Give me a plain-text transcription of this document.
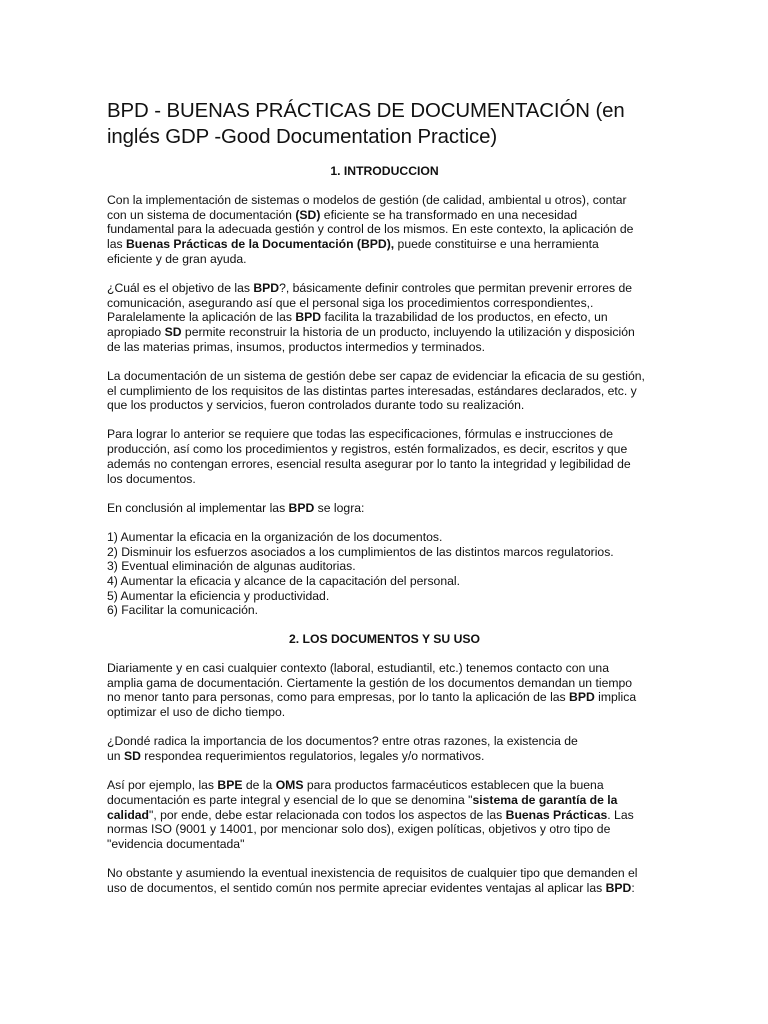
BPD - BUENAS PRÁCTICAS DE DOCUMENTACIÓN (en
inglés GDP -Good Documentation Practice)
1. INTRODUCCION
Con la implementación de sistemas o modelos de gestión (de calidad, ambiental u otros), contar
con un sistema de documentación (SD) eficiente se ha transformado en una necesidad
fundamental para la adecuada gestión y control de los mismos. En este contexto, la aplicación de
las Buenas Prácticas de la Documentación (BPD), puede constituirse e una herramienta
eficiente y de gran ayuda.
¿Cuál es el objetivo de las BPD?, básicamente definir controles que permitan prevenir errores de
comunicación, asegurando así que el personal siga los procedimientos correspondientes,.
Paralelamente la aplicación de las BPD facilita la trazabilidad de los productos, en efecto, un
apropiado SD permite reconstruir la historia de un producto, incluyendo la utilización y disposición
de las materias primas, insumos, productos intermedios y terminados.
La documentación de un sistema de gestión debe ser capaz de evidenciar la eficacia de su gestión,
el cumplimiento de los requisitos de las distintas partes interesadas, estándares declarados, etc. y
que los productos y servicios, fueron controlados durante todo su realización.
Para lograr lo anterior se requiere que todas las especificaciones, fórmulas e instrucciones de
producción, así como los procedimientos y registros, estén formalizados, es decir, escritos y que
además no contengan errores, esencial resulta asegurar por lo tanto la integridad y legibilidad de
los documentos.
En conclusión al implementar las BPD se logra:
1) Aumentar la eficacia en la organización de los documentos.
2) Disminuir los esfuerzos asociados a los cumplimientos de las distintos marcos regulatorios.
3) Eventual eliminación de algunas auditorias.
4) Aumentar la eficacia y alcance de la capacitación del personal.
5) Aumentar la eficiencia y productividad.
6) Facilitar la comunicación.
2. LOS DOCUMENTOS Y SU USO
Diariamente y en casi cualquier contexto (laboral, estudiantil, etc.) tenemos contacto con una
amplia gama de documentación. Ciertamente la gestión de los documentos demandan un tiempo
no menor tanto para personas, como para empresas, por lo tanto la aplicación de las BPD implica
optimizar el uso de dicho tiempo.
¿Dondé radica la importancia de los documentos? entre otras razones, la existencia de
un SD respondea requerimientos regulatorios, legales y/o normativos.
Así por ejemplo, las BPE de la OMS para productos farmacéuticos establecen que la buena
documentación es parte integral y esencial de lo que se denomina "sistema de garantía de la
calidad", por ende, debe estar relacionada con todos los aspectos de las Buenas Prácticas. Las
normas ISO (9001 y 14001, por mencionar solo dos), exigen políticas, objetivos y otro tipo de
"evidencia documentada"
No obstante y asumiendo la eventual inexistencia de requisitos de cualquier tipo que demanden el
uso de documentos, el sentido común nos permite apreciar evidentes ventajas al aplicar las BPD:
